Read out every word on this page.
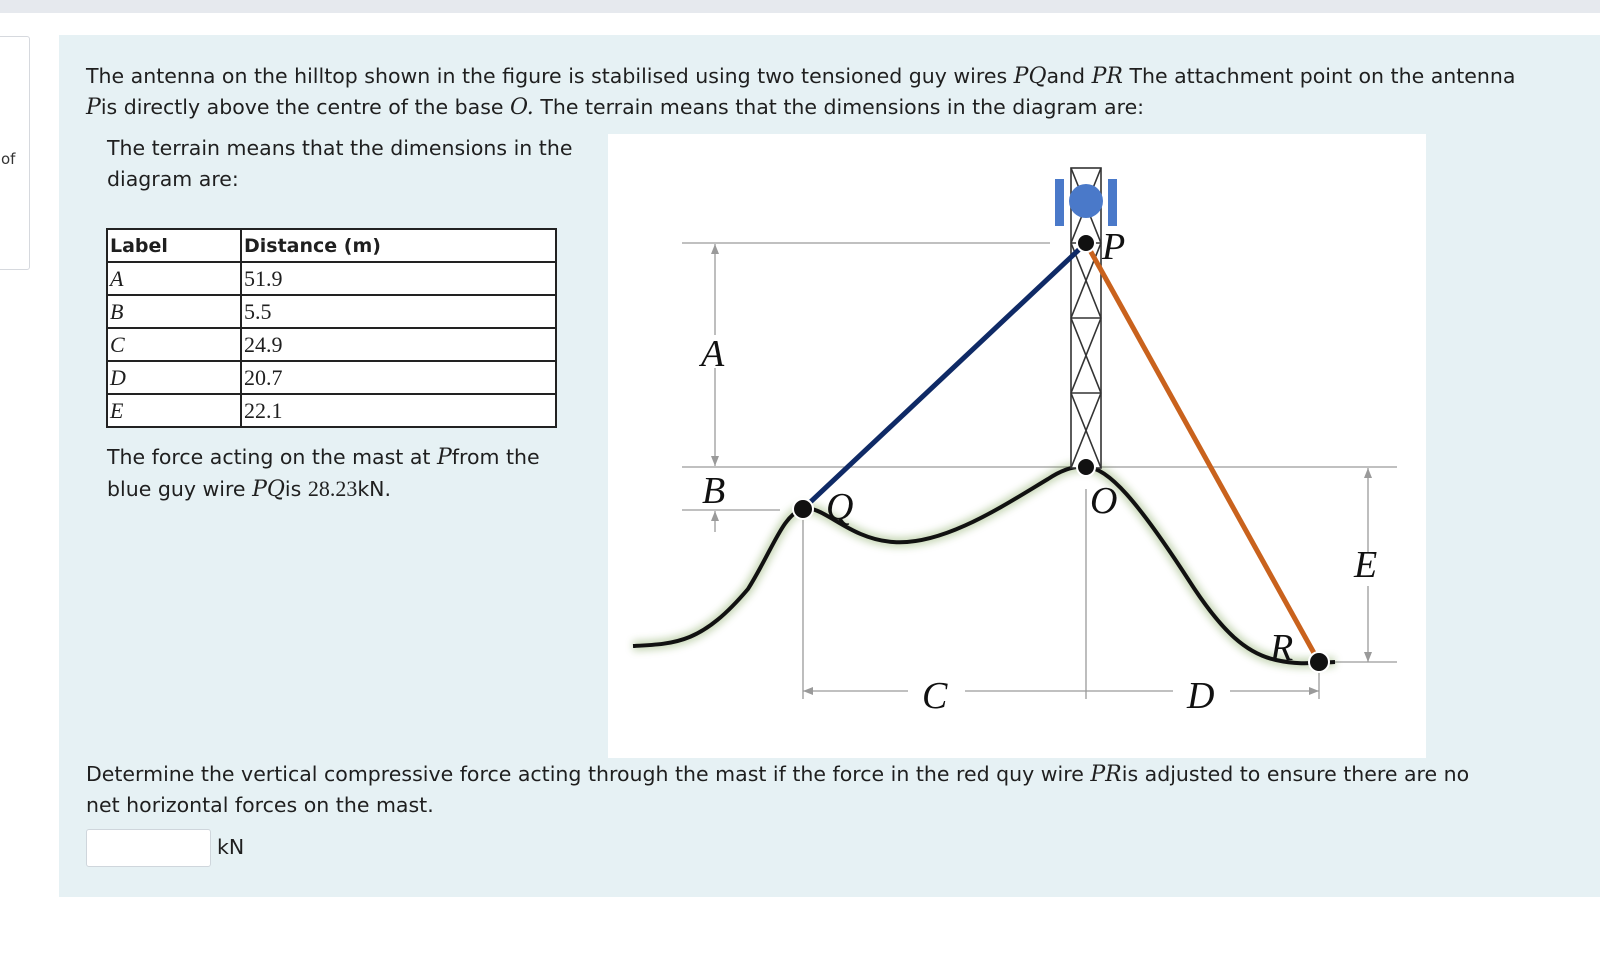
of
The antenna on the hilltop shown in the figure is stabilised using two tensioned guy wires PQand PR The attachment point on the antenna Pis directly above the centre of the base O. The terrain means that the dimensions in the diagram are:
The terrain means that the dimensions in the diagram are:
Label	Distance (m)
A	51.9
B	5.5
C	24.9
D	20.7
E	22.1
The force acting on the mast at Pfrom the blue guy wire PQis 28.23kN.
A
B
C	D
E
P
Q	O
R
Determine the vertical compressive force acting through the mast if the force in the red quy wire PRis adjusted to ensure there are no net horizontal forces on the mast.
kN
